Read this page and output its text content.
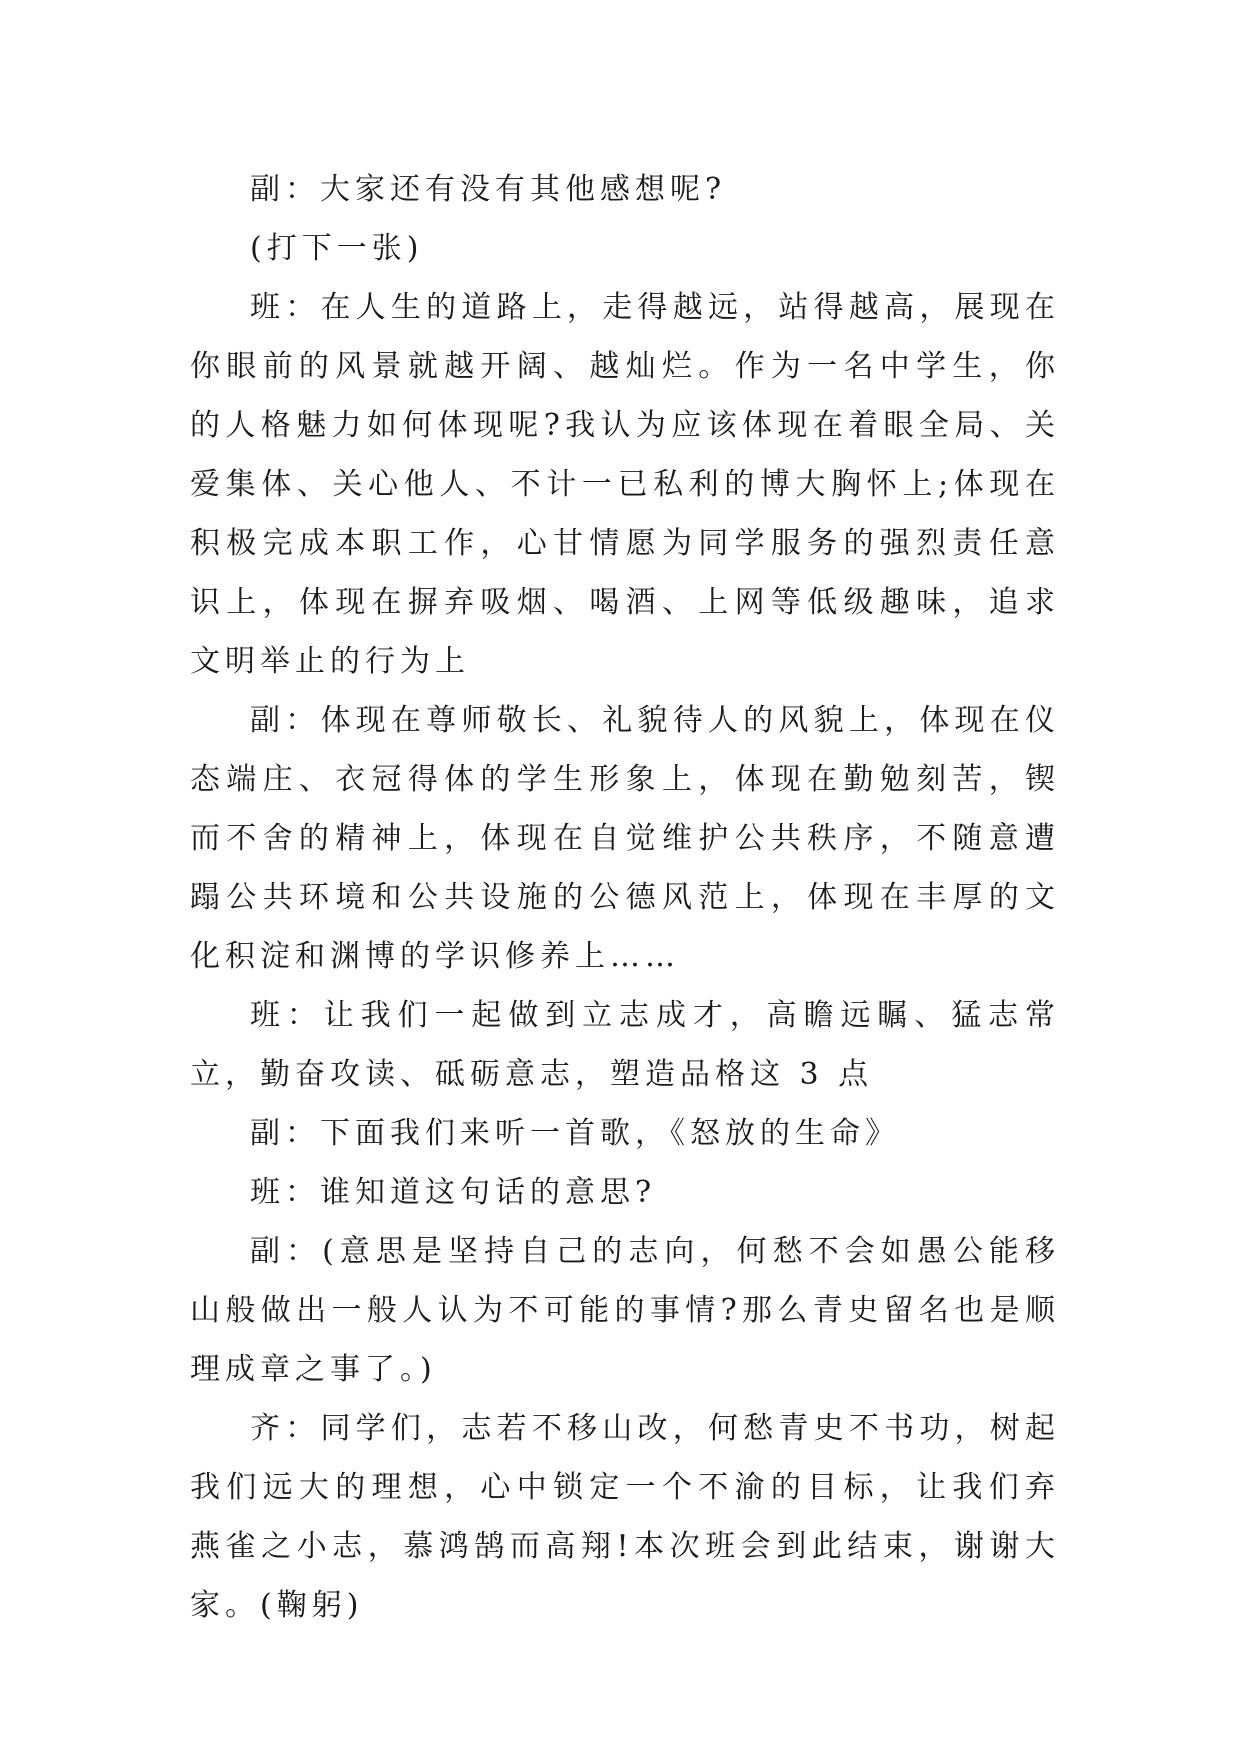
副：大家还有没有其他感想呢?

(打下一张)

班：在人生的道路上，走得越远，站得越高，展现在你眼前的风景就越开阔、越灿烂。作为一名中学生，你的人格魅力如何体现呢?我认为应该体现在着眼全局、关爱集体、关心他人、不计一已私利的博大胸怀上;体现在积极完成本职工作，心甘情愿为同学服务的强烈责任意识上，体现在摒弃吸烟、喝酒、上网等低级趣味，追求文明举止的行为上

副：体现在尊师敬长、礼貌待人的风貌上，体现在仪态端庄、衣冠得体的学生形象上，体现在勤勉刻苦，锲而不舍的精神上，体现在自觉维护公共秩序，不随意遭蹋公共环境和公共设施的公德风范上，体现在丰厚的文化积淀和渊博的学识修养上……

班：让我们一起做到立志成才，高瞻远瞩、猛志常立，勤奋攻读、砥砺意志，塑造品格这 3 点

副：下面我们来听一首歌，《怒放的生命》

班：谁知道这句话的意思?

副：(意思是坚持自己的志向，何愁不会如愚公能移山般做出一般人认为不可能的事情?那么青史留名也是顺理成章之事了。)

齐：同学们，志若不移山改，何愁青史不书功，树起我们远大的理想，心中锁定一个不渝的目标，让我们弃燕雀之小志，慕鸿鹄而高翔!本次班会到此结束，谢谢大家。(鞠躬)
